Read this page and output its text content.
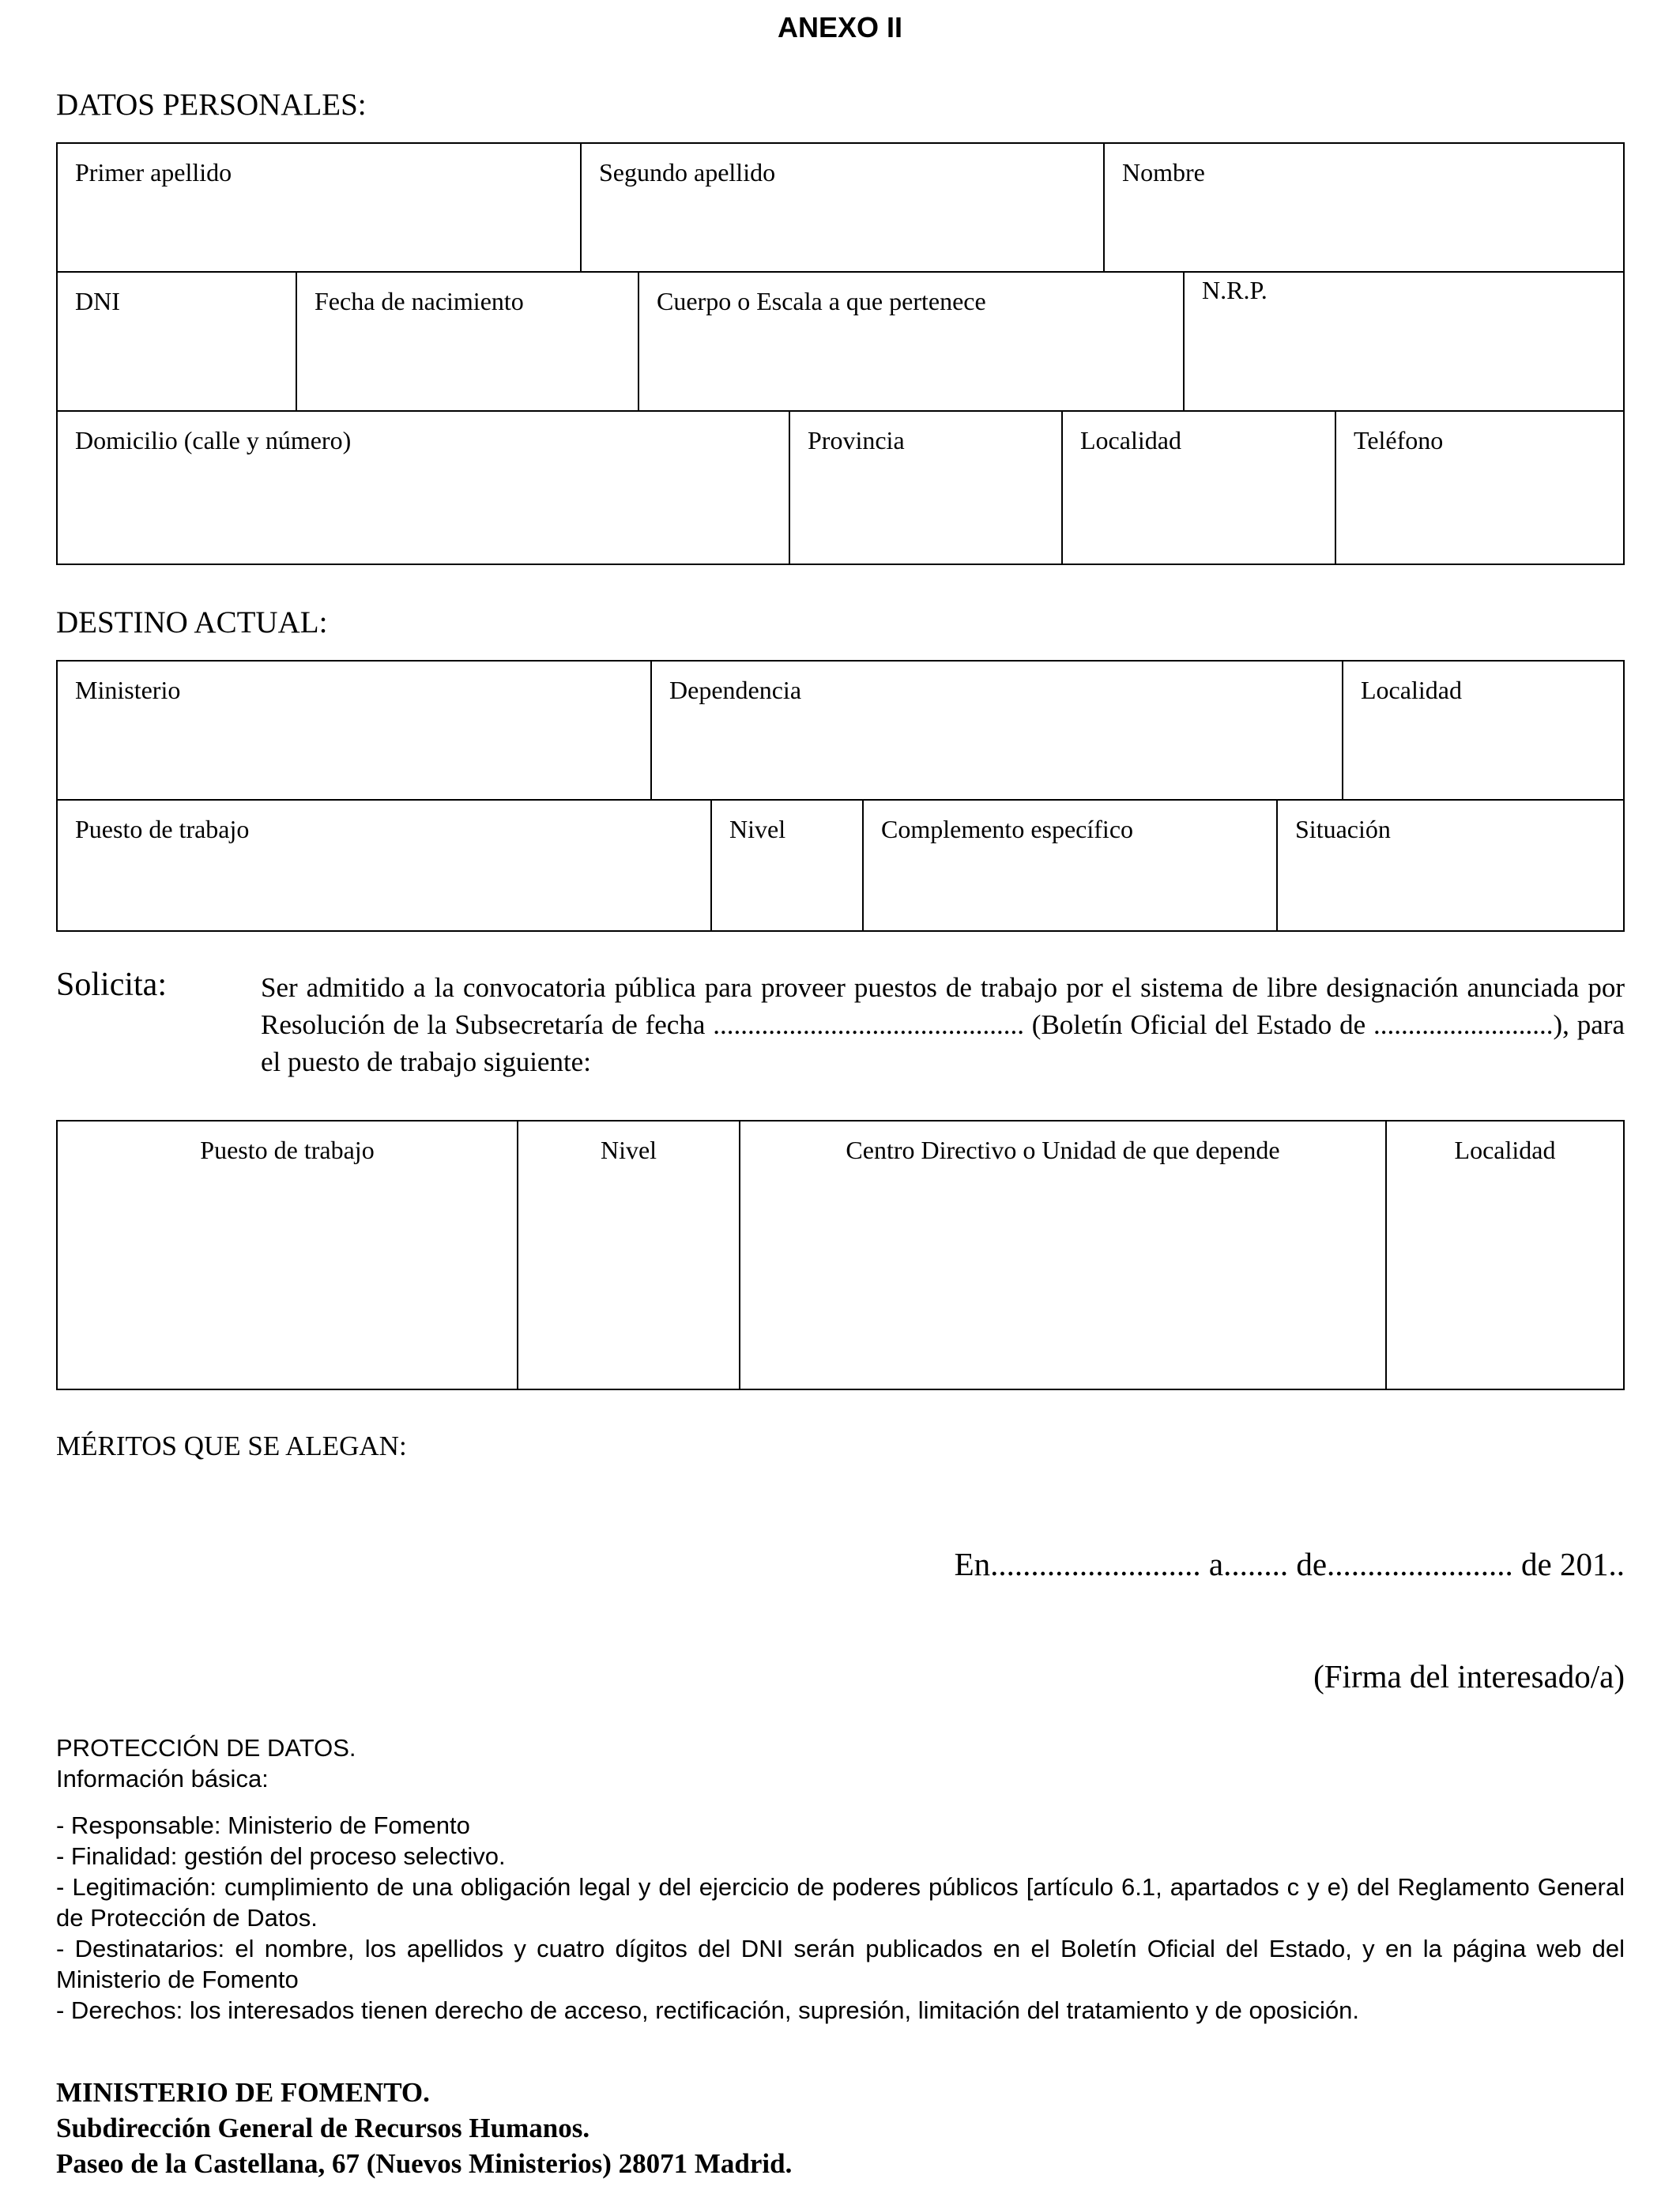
ANEXO II
DATOS PERSONALES:
Primer apellido	Segundo apellido	Nombre
DNI	Fecha de nacimiento	Cuerpo o Escala a que pertenece	N.R.P.
Domicilio (calle y número)	Provincia	Localidad	Teléfono
DESTINO ACTUAL:
Ministerio	Dependencia	Localidad
Puesto de trabajo	Nivel	Complemento específico	Situación
Solicita:	Ser admitido a la convocatoria pública para proveer puestos de trabajo por el sistema de libre designación anunciada por Resolución de la Subsecretaría de fecha ............................................. (Boletín Oficial del Estado de ..........................), para el puesto de trabajo siguiente:
Puesto de trabajo	Nivel	Centro Directivo o Unidad de que depende	Localidad
MÉRITOS QUE SE ALEGAN:
En.......................... a........ de....................... de 201..
(Firma del interesado/a)
PROTECCIÓN DE DATOS.
Información básica:
- Responsable: Ministerio de Fomento
- Finalidad: gestión del proceso selectivo.
- Legitimación: cumplimiento de una obligación legal y del ejercicio de poderes públicos [artículo 6.1, apartados c y e) del Reglamento General de Protección de Datos.
- Destinatarios: el nombre, los apellidos y cuatro dígitos del DNI serán publicados en el Boletín Oficial del Estado, y en la página web del Ministerio de Fomento
- Derechos: los interesados tienen derecho de acceso, rectificación, supresión, limitación del tratamiento y de oposición.
MINISTERIO DE FOMENTO.
Subdirección General de Recursos Humanos.
Paseo de la Castellana, 67 (Nuevos Ministerios) 28071 Madrid.
